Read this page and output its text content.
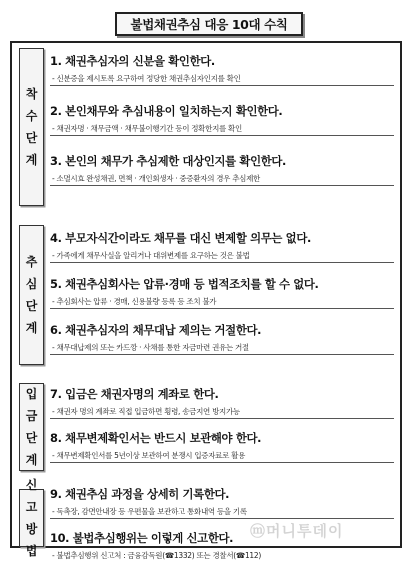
불법채권추심 대응 10대 수칙
착
수
단
계
1. 채권추심자의 신분을 확인한다.
- 신분증을 제시토록 요구하여 정당한 채권추심자인지를 확인
2. 본인채무와 추심내용이 일치하는지 확인한다.
- 채권자명 · 채무금액 · 채무불이행기간 등이 정확한지를 확인
3. 본인의 채무가 추심제한 대상인지를 확인한다.
- 소멸시효 완성채권, 면책 · 개인회생자 · 중증환자의 경우 추심제한
추
심
단
계
4. 부모자식간이라도 채무를 대신 변제할 의무는 없다.
- 가족에게 채무사실을 알리거나 대위변제를 요구하는 것은 불법
5. 채권추심회사는 압류·경매 등 법적조치를 할 수 없다.
- 추심회사는 압류 · 경매, 신용불량 등록 등 조치 불가
6. 채권추심자의 채무대납 제의는 거절한다.
- 채무대납제의 또는 카드깡 · 사채를 통한 자금마련 권유는 거절
입
금
단
계
7. 입금은 채권자명의 계좌로 한다.
- 채권자 명의 계좌로 직접 입금하면 횡령, 송금지연 방지가능
8. 채무변제확인서는 반드시 보관해야 한다.
- 채무변제확인서를 5년이상 보관하여 분쟁시 입증자료로 활용
신
고
방
법
9. 채권추심 과정을 상세히 기록한다.
- 독촉장, 감면안내장 등 우편물을 보관하고 통화내역 등을 기록
10. 불법추심행위는 이렇게 신고한다.
- 불법추심행위 신고처 : 금융감독원(☎1332) 또는 경찰서(☎112)
ⓜ머니투데이
